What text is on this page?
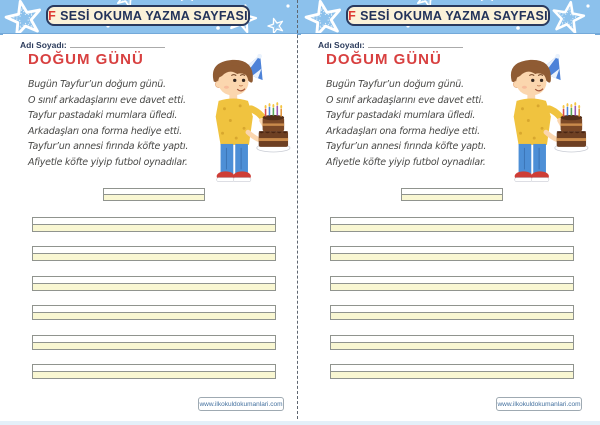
F SESİ OKUMA YAZMA SAYFASI	F SESİ OKUMA YAZMA SAYFASI
Adı Soyadı:
DOĞUM GÜNÜ
Bugün Tayfur’un doğum günü.
O sınıf arkadaşlarını eve davet etti.
Tayfur pastadaki mumlara üfledi.
Arkadaşları ona forma hediye etti.
Tayfur’un annesi fırında köfte yaptı.
Afiyetle köfte yiyip futbol oynadılar.
www.ilkokuldokumanlari.com
Adı Soyadı:
DOĞUM GÜNÜ
Bugün Tayfur’un doğum günü.
O sınıf arkadaşlarını eve davet etti.
Tayfur pastadaki mumlara üfledi.
Arkadaşları ona forma hediye etti.
Tayfur’un annesi fırında köfte yaptı.
Afiyetle köfte yiyip futbol oynadılar.
www.ilkokuldokumanlari.com
